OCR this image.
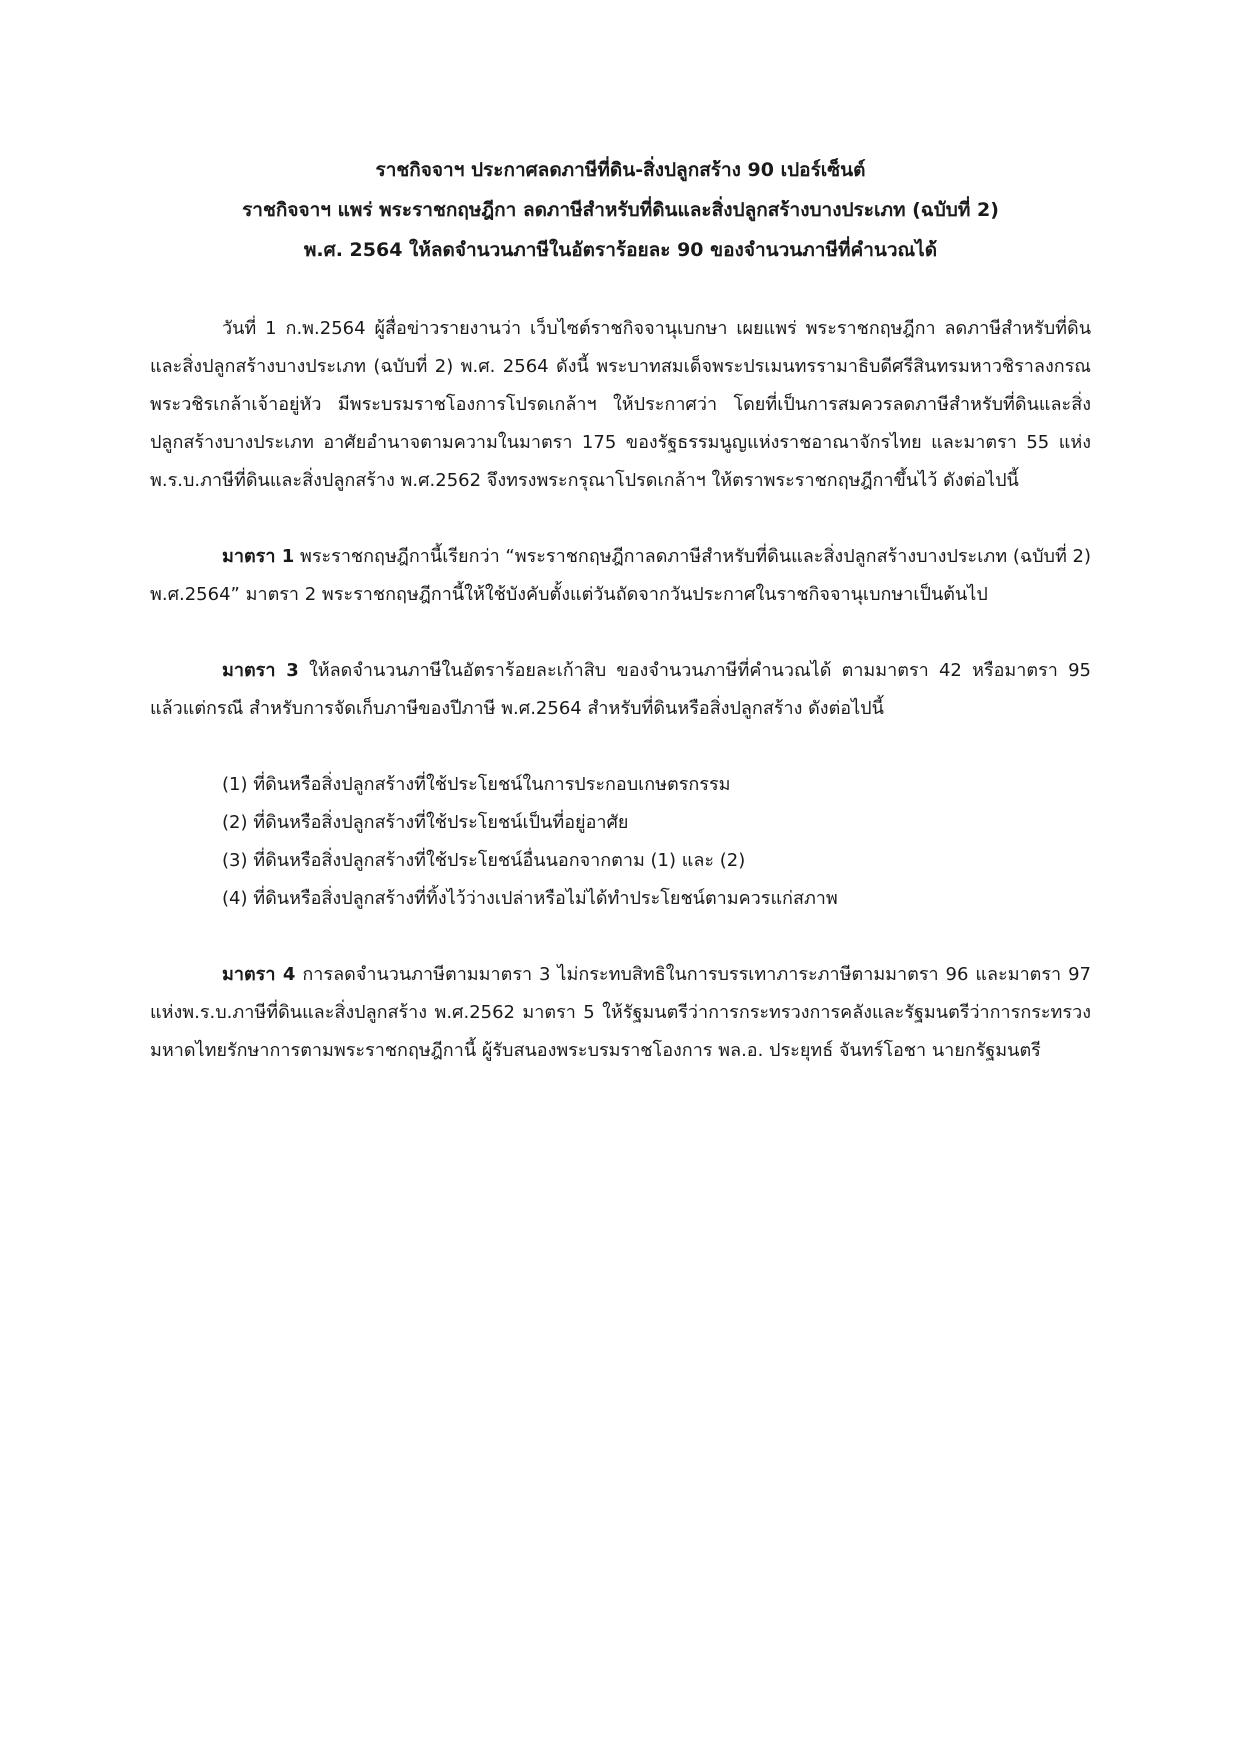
ราชกิจจาฯ ประกาศลดภาษีที่ดิน-สิ่งปลูกสร้าง 90 เปอร์เซ็นต์
ราชกิจจาฯ แพร่ พระราชกฤษฎีกา ลดภาษีสำหรับที่ดินและสิ่งปลูกสร้างบางประเภท (ฉบับที่ 2)
พ.ศ. 2564 ให้ลดจำนวนภาษีในอัตราร้อยละ 90 ของจำนวนภาษีที่คำนวณได้

วันที่ 1 ก.พ.2564 ผู้สื่อข่าวรายงานว่า เว็บไซต์ราชกิจจานุเบกษา เผยแพร่ พระราชกฤษฎีกา ลดภาษีสำหรับที่ดินและสิ่งปลูกสร้างบางประเภท (ฉบับที่ 2) พ.ศ. 2564 ดังนี้ พระบาทสมเด็จพระปรเมนทรรามาธิบดีศรีสินทรมหาวชิราลงกรณ พระวชิรเกล้าเจ้าอยู่หัว มีพระบรมราชโองการโปรดเกล้าฯ ให้ประกาศว่า โดยที่เป็นการสมควรลดภาษีสำหรับที่ดินและสิ่งปลูกสร้างบางประเภท อาศัยอำนาจตามความในมาตรา 175 ของรัฐธรรมนูญแห่งราชอาณาจักรไทย และมาตรา 55 แห่งพ.ร.บ.ภาษีที่ดินและสิ่งปลูกสร้าง พ.ศ.2562 จึงทรงพระกรุณาโปรดเกล้าฯ ให้ตราพระราชกฤษฎีกาขึ้นไว้ ดังต่อไปนี้

มาตรา 1 พระราชกฤษฎีกานี้เรียกว่า “พระราชกฤษฎีกาลดภาษีสำหรับที่ดินและสิ่งปลูกสร้างบางประเภท (ฉบับที่ 2) พ.ศ.2564” มาตรา 2 พระราชกฤษฎีกานี้ให้ใช้บังคับตั้งแต่วันถัดจากวันประกาศในราชกิจจานุเบกษาเป็นต้นไป

มาตรา 3 ให้ลดจำนวนภาษีในอัตราร้อยละเก้าสิบ ของจำนวนภาษีที่คำนวณได้ ตามมาตรา 42 หรือมาตรา 95 แล้วแต่กรณี สำหรับการจัดเก็บภาษีของปีภาษี พ.ศ.2564 สำหรับที่ดินหรือสิ่งปลูกสร้าง ดังต่อไปนี้

(1) ที่ดินหรือสิ่งปลูกสร้างที่ใช้ประโยชน์ในการประกอบเกษตรกรรม
(2) ที่ดินหรือสิ่งปลูกสร้างที่ใช้ประโยชน์เป็นที่อยู่อาศัย
(3) ที่ดินหรือสิ่งปลูกสร้างที่ใช้ประโยชน์อื่นนอกจากตาม (1) และ (2)
(4) ที่ดินหรือสิ่งปลูกสร้างที่ทิ้งไว้ว่างเปล่าหรือไม่ได้ทำประโยชน์ตามควรแก่สภาพ

มาตรา 4 การลดจำนวนภาษีตามมาตรา 3 ไม่กระทบสิทธิในการบรรเทาภาระภาษีตามมาตรา 96 และมาตรา 97 แห่งพ.ร.บ.ภาษีที่ดินและสิ่งปลูกสร้าง พ.ศ.2562 มาตรา 5 ให้รัฐมนตรีว่าการกระทรวงการคลังและรัฐมนตรีว่าการกระทรวงมหาดไทยรักษาการตามพระราชกฤษฎีกานี้ ผู้รับสนองพระบรมราชโองการ พล.อ. ประยุทธ์ จันทร์โอชา นายกรัฐมนตรี
